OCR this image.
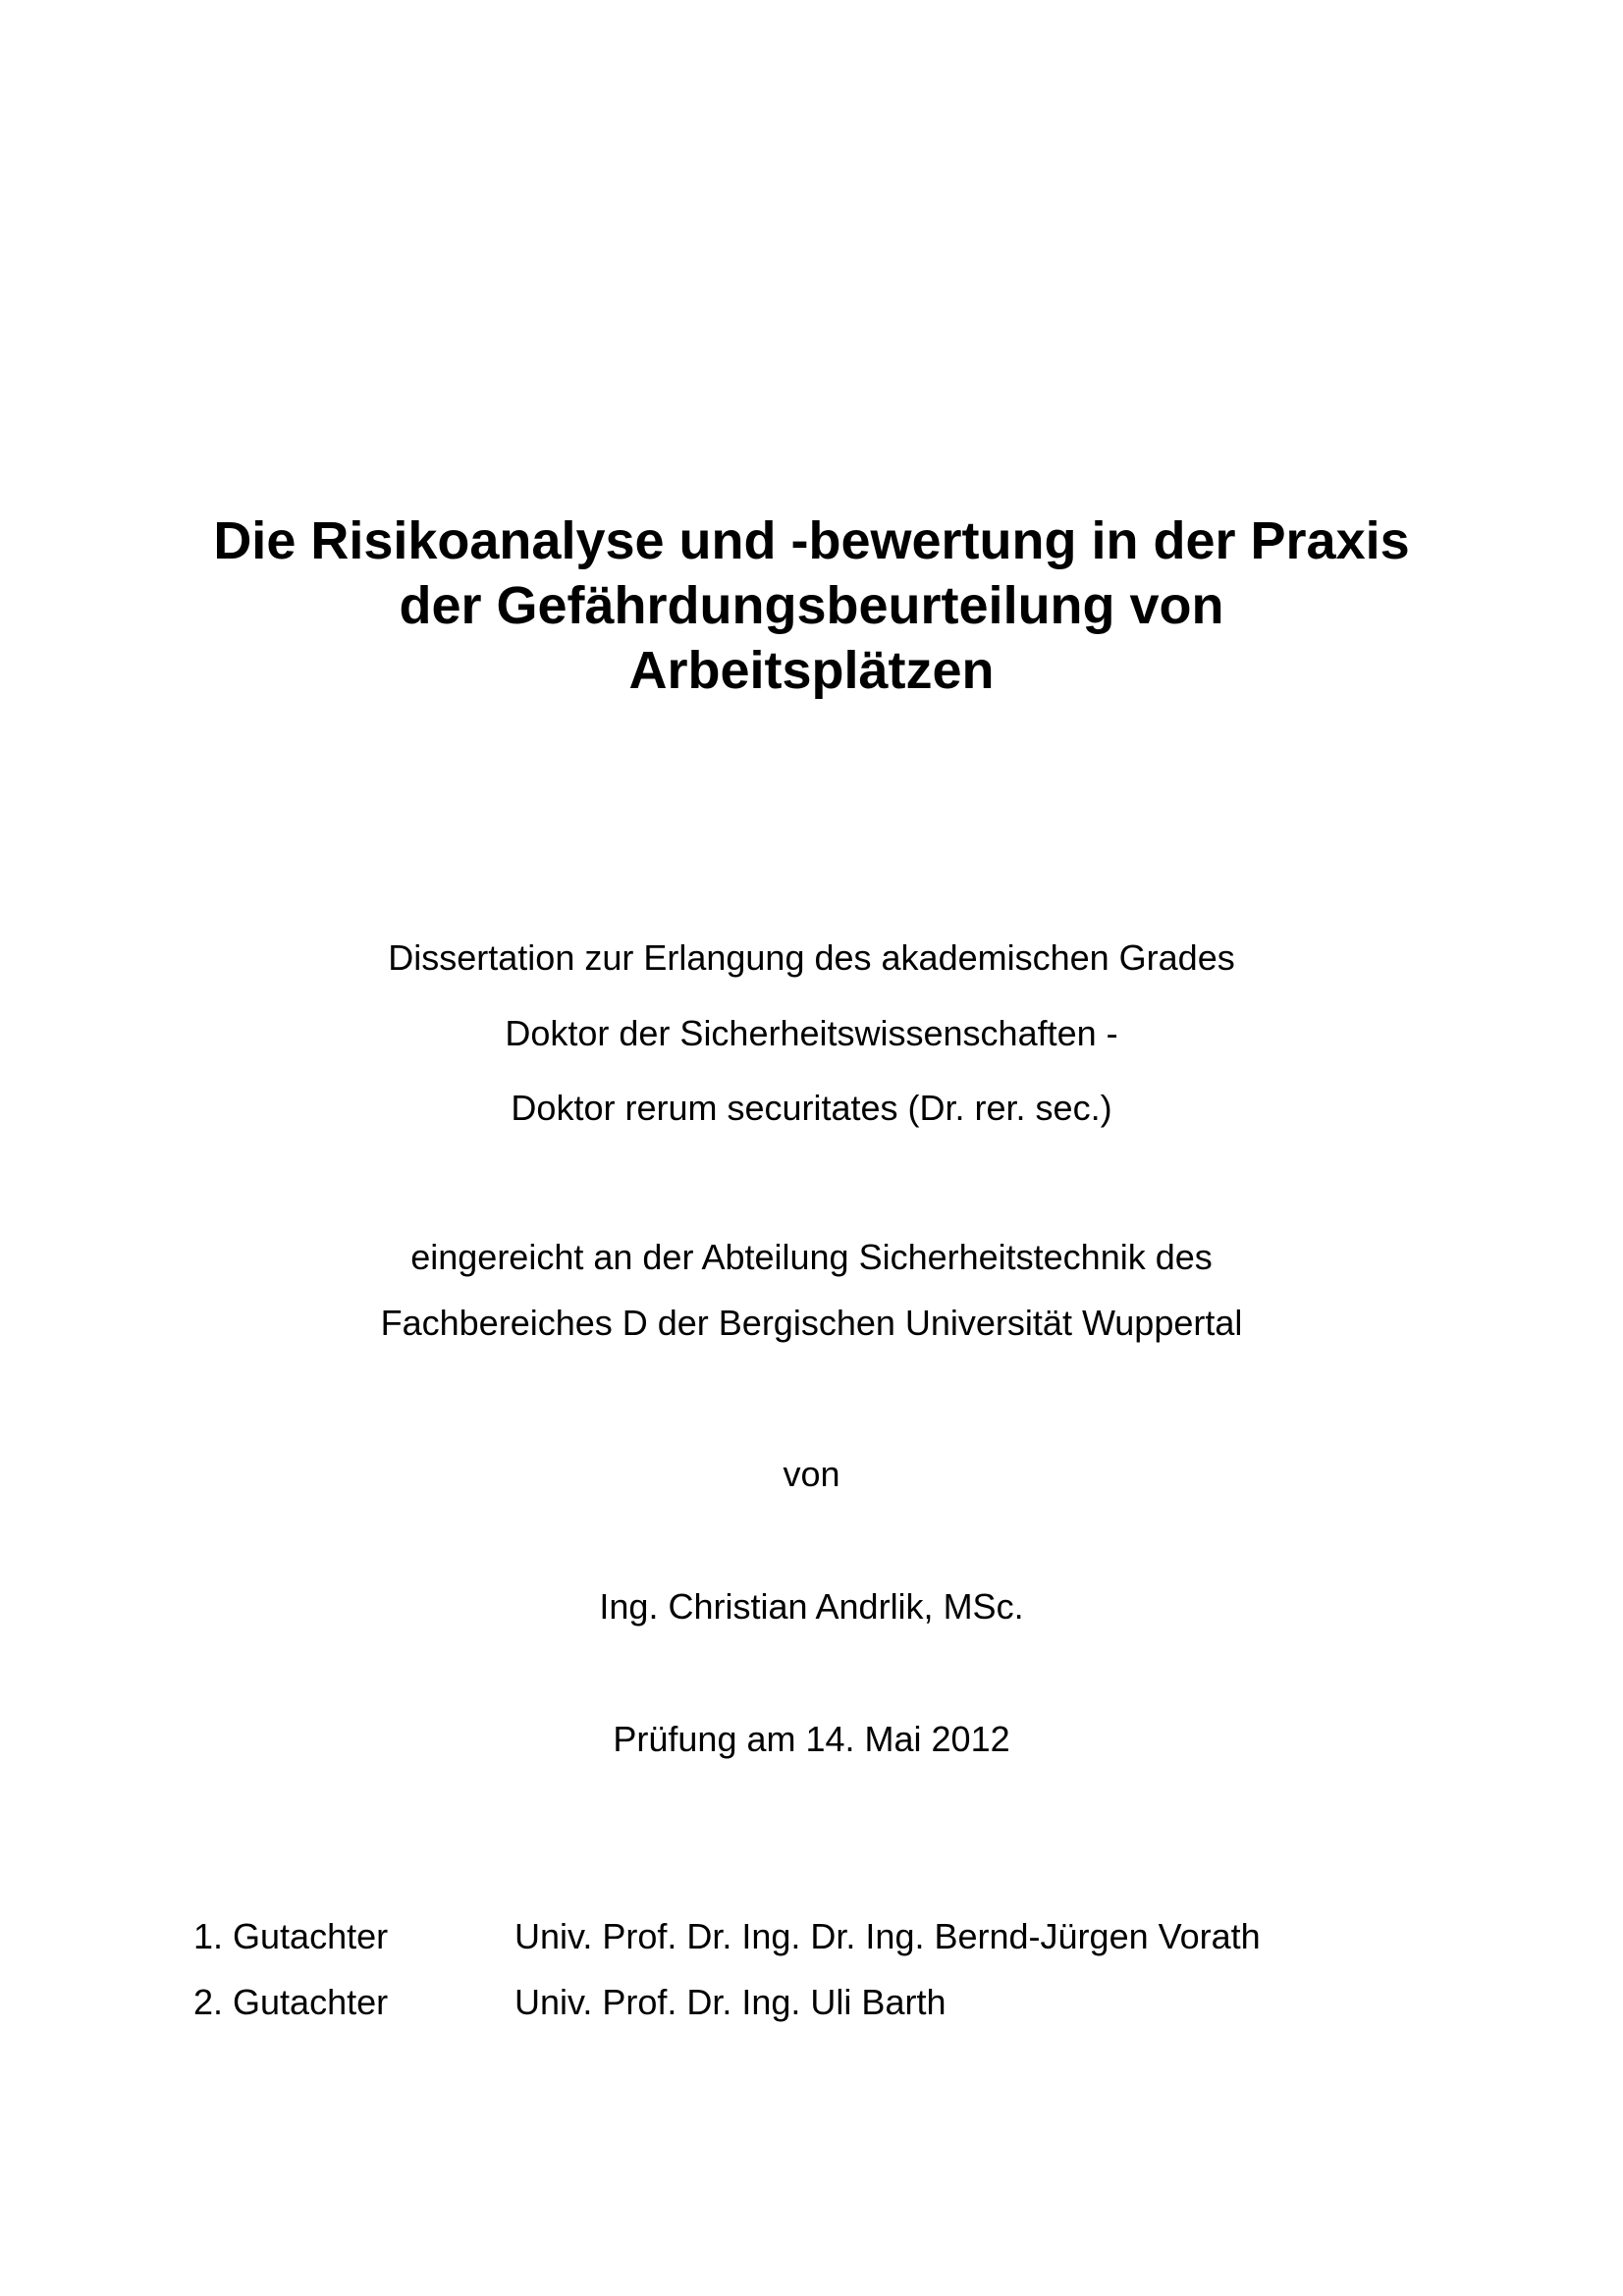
Die Risikoanalyse und -bewertung in der Praxis
der Gefährdungsbeurteilung von
Arbeitsplätzen
Dissertation zur Erlangung des akademischen Grades
Doktor der Sicherheitswissenschaften -
Doktor rerum securitates (Dr. rer. sec.)
eingereicht an der Abteilung Sicherheitstechnik des
Fachbereiches D der Bergischen Universität Wuppertal
von
Ing. Christian Andrlik, MSc.
Prüfung am 14. Mai 2012
1. Gutachter	Univ. Prof. Dr. Ing. Dr. Ing. Bernd-Jürgen Vorath
2. Gutachter	Univ. Prof. Dr. Ing. Uli Barth
